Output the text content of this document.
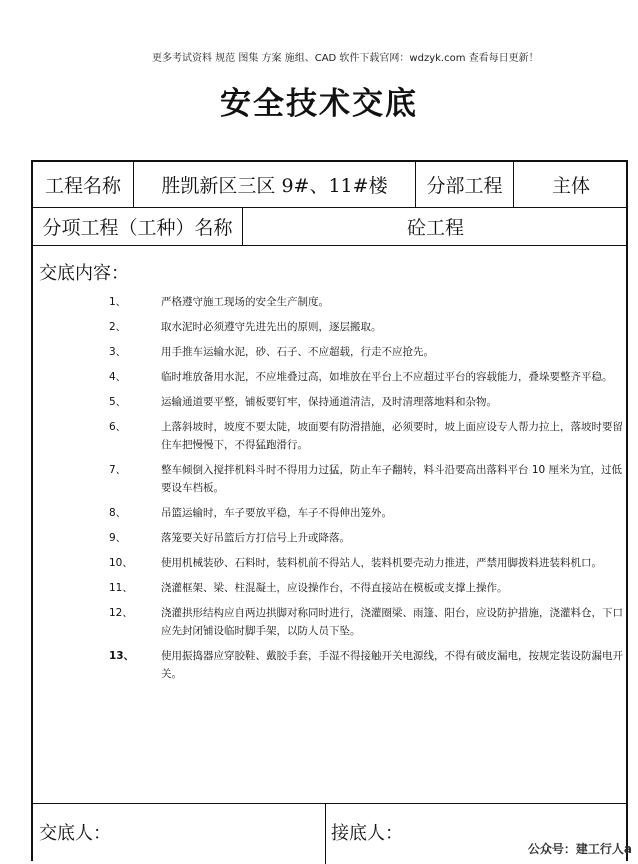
更多考试资料 规范 图集 方案 施组、CAD 软件下载官网：wdzyk.com 查看每日更新！
安全技术交底
工程名称	胜凯新区三区 9#、11#楼	分部工程	主体
分项工程（工种）名称	砼工程
交底内容：
1、	严格遵守施工现场的安全生产制度。
2、	取水泥时必须遵守先进先出的原则，逐层搬取。
3、	用手推车运输水泥，砂、石子、不应超载，行走不应抢先。
4、	临时堆放备用水泥，不应堆叠过高，如堆放在平台上不应超过平台的容载能力，叠垛要整齐平稳。
5、	运输通道要平整，铺板要钉牢，保持通道清洁，及时清理落地料和杂物。
6、	上落斜坡时，坡度不要太陡，坡面要有防滑措施，必须要时，坡上面应设专人帮力拉上，落坡时要留住车把慢慢下，不得猛跑滑行。
7、	整车倾倒入搅拌机料斗时不得用力过猛，防止车子翻转，料斗沿要高出落料平台 10 厘米为宜，过低要设车档板。
8、	吊篮运输时，车子要放平稳，车子不得伸出笼外。
9、	落笼要关好吊篮后方打信号上升或降落。
10、	使用机械装砂、石料时，装料机前不得站人，装料机要壳动力推进，严禁用脚拨料进装料机口。
11、	浇灌框架、梁、柱混凝土，应设操作台，不得直接站在模板或支撑上操作。
12、	浇灌拱形结构应自两边拱脚对称同时进行，浇灌圈梁、雨篷、阳台，应设防护措施，浇灌料仓，下口应先封闭铺设临时脚手架，以防人员下坠。
13、	使用振捣器应穿胶鞋、戴胶手套，手湿不得接触开关电源线，不得有破皮漏电，按规定装设防漏电开关。
交底人：	接底人：
公众号：建工行人a
